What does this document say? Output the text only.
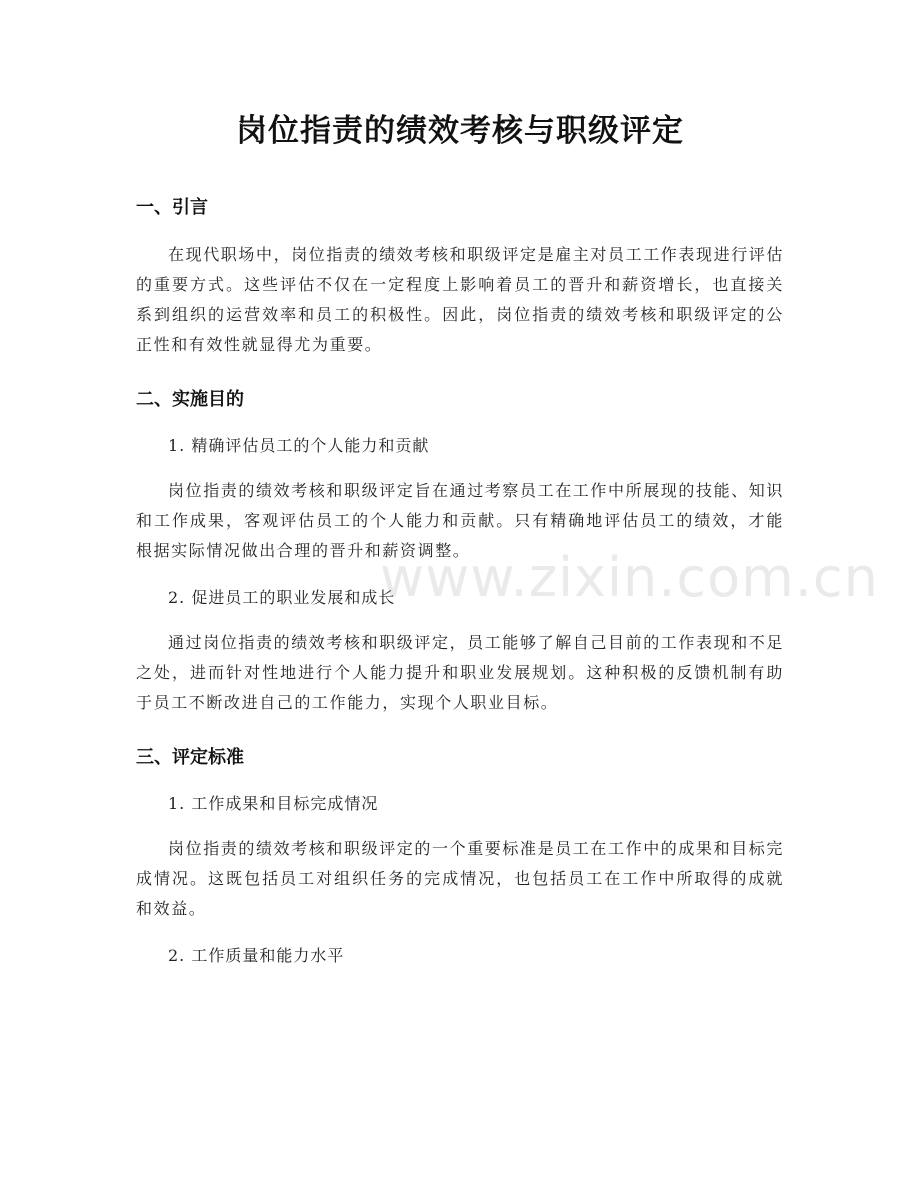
岗位指责的绩效考核与职级评定
一、引言

在现代职场中，岗位指责的绩效考核和职级评定是雇主对员工工作表现进行评估的重要方式。这些评估不仅在一定程度上影响着员工的晋升和薪资增长，也直接关系到组织的运营效率和员工的积极性。因此，岗位指责的绩效考核和职级评定的公正性和有效性就显得尤为重要。

二、实施目的

1. 精确评估员工的个人能力和贡献

岗位指责的绩效考核和职级评定旨在通过考察员工在工作中所展现的技能、知识和工作成果，客观评估员工的个人能力和贡献。只有精确地评估员工的绩效，才能根据实际情况做出合理的晋升和薪资调整。

2. 促进员工的职业发展和成长

通过岗位指责的绩效考核和职级评定，员工能够了解自己目前的工作表现和不足之处，进而针对性地进行个人能力提升和职业发展规划。这种积极的反馈机制有助于员工不断改进自己的工作能力，实现个人职业目标。

三、评定标准

1. 工作成果和目标完成情况

岗位指责的绩效考核和职级评定的一个重要标准是员工在工作中的成果和目标完成情况。这既包括员工对组织任务的完成情况，也包括员工在工作中所取得的成就和效益。

2. 工作质量和能力水平

www.zixin.com.cn
